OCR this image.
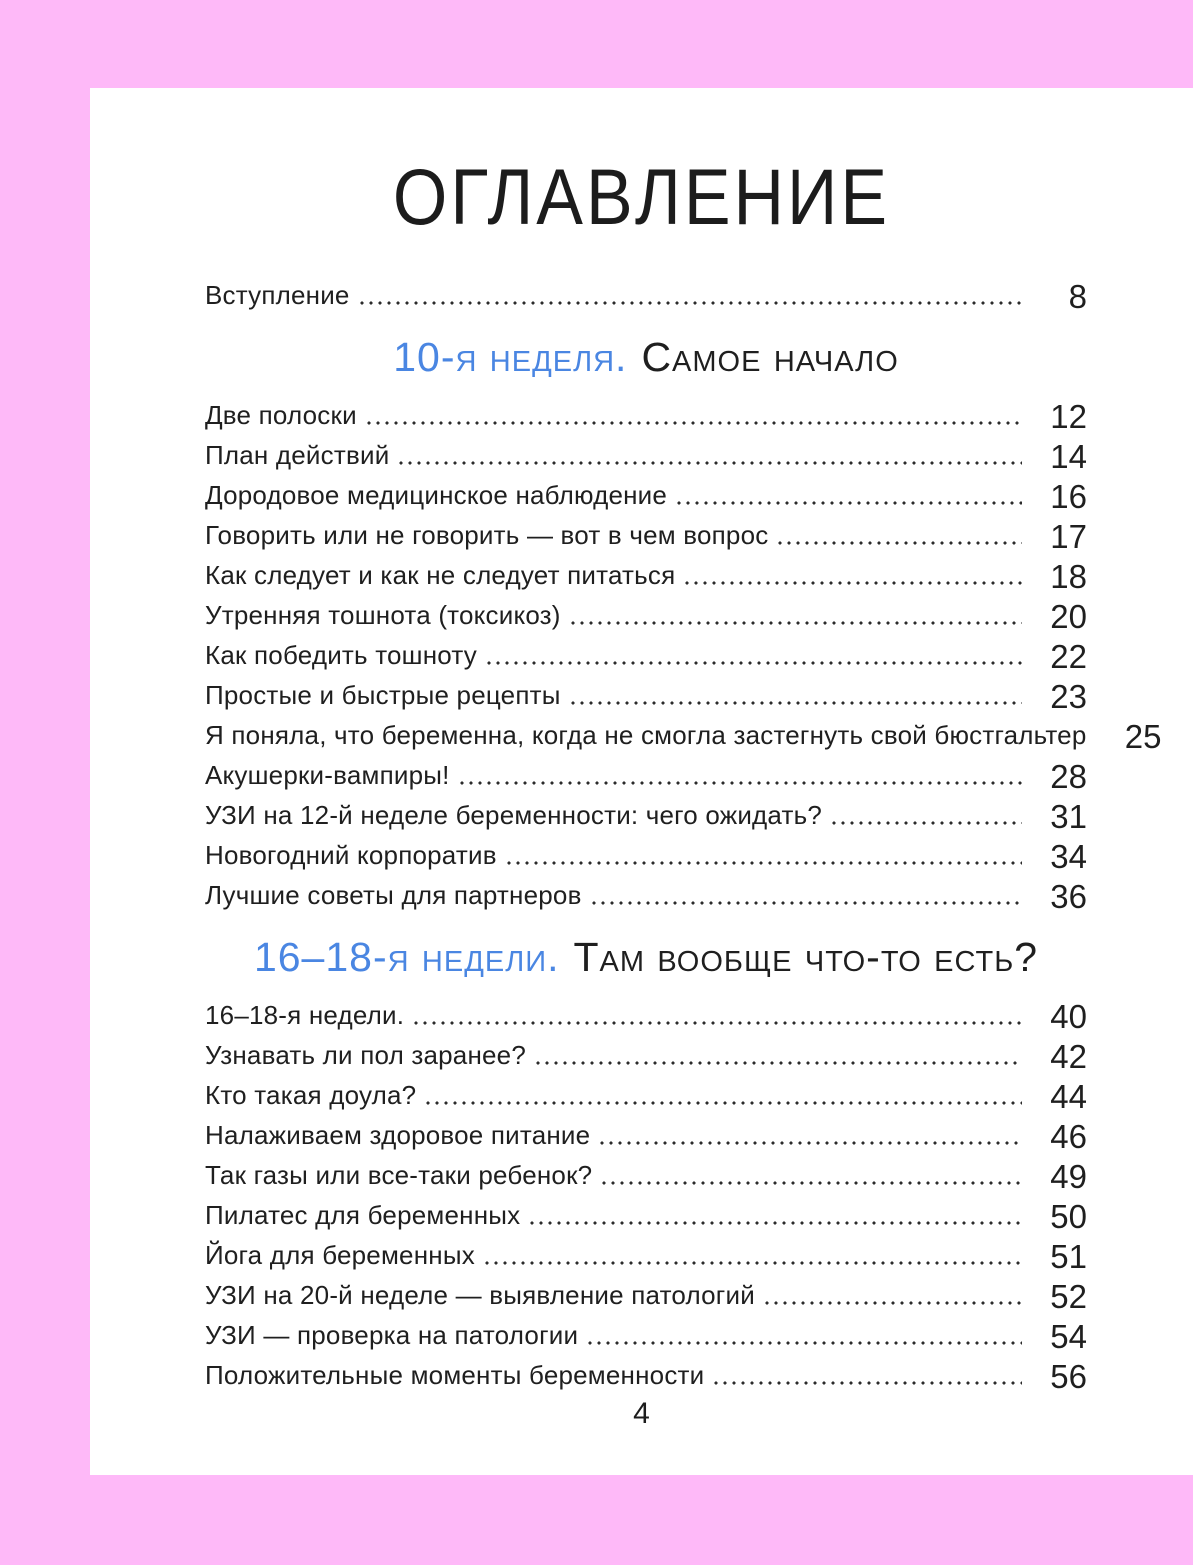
ОГЛАВЛЕНИЕ
Вступление	8
10-я неделя. Самое начало
Две полоски	12
План действий	14
Дородовое медицинское наблюдение	16
Говорить или не говорить — вот в чем вопрос	17
Как следует и как не следует питаться	18
Утренняя тошнота (токсикоз)	20
Как победить тошноту	22
Простые и быстрые рецепты	23
Я поняла, что беременна, когда не смогла застегнуть свой бюстгальтер	25
Акушерки-вампиры!	28
УЗИ на 12-й неделе беременности: чего ожидать?	31
Новогодний корпоратив	34
Лучшие советы для партнеров	36
16–18-я недели. Там вообще что-то есть?
16–18-я недели.	40
Узнавать ли пол заранее?	42
Кто такая доула?	44
Налаживаем здоровое питание	46
Так газы или все-таки ребенок?	49
Пилатес для беременных	50
Йога для беременных	51
УЗИ на 20-й неделе — выявление патологий	52
УЗИ — проверка на патологии	54
Положительные моменты беременности	56
4
